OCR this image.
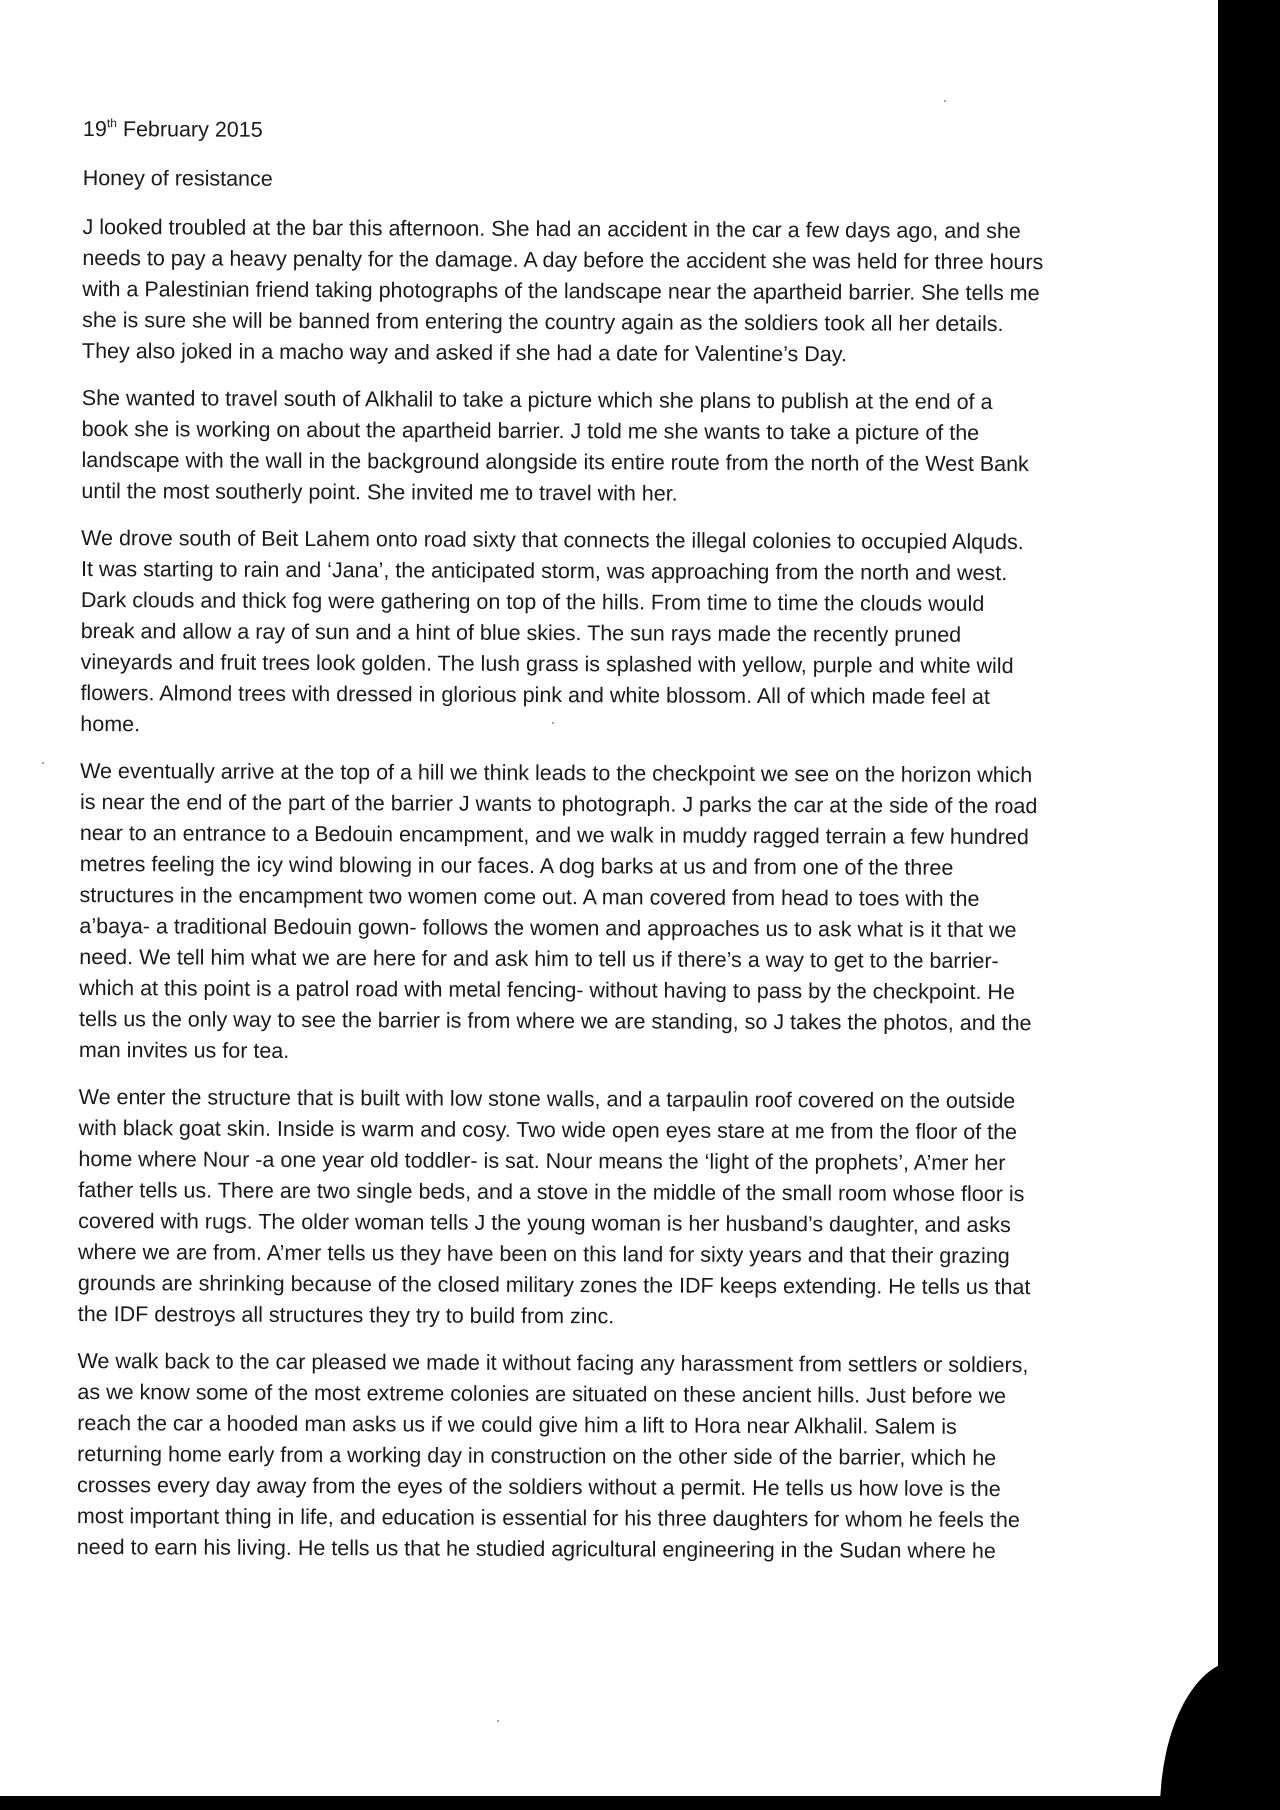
19th February 2015
Honey of resistance
J looked troubled at the bar this afternoon. She had an accident in the car a few days ago, and she
needs to pay a heavy penalty for the damage. A day before the accident she was held for three hours
with a Palestinian friend taking photographs of the landscape near the apartheid barrier. She tells me
she is sure she will be banned from entering the country again as the soldiers took all her details.
They also joked in a macho way and asked if she had a date for Valentine’s Day.
She wanted to travel south of Alkhalil to take a picture which she plans to publish at the end of a
book she is working on about the apartheid barrier. J told me she wants to take a picture of the
landscape with the wall in the background alongside its entire route from the north of the West Bank
until the most southerly point. She invited me to travel with her.
We drove south of Beit Lahem onto road sixty that connects the illegal colonies to occupied Alquds.
It was starting to rain and ‘Jana’, the anticipated storm, was approaching from the north and west.
Dark clouds and thick fog were gathering on top of the hills. From time to time the clouds would
break and allow a ray of sun and a hint of blue skies. The sun rays made the recently pruned
vineyards and fruit trees look golden. The lush grass is splashed with yellow, purple and white wild
flowers. Almond trees with dressed in glorious pink and white blossom. All of which made feel at
home.
We eventually arrive at the top of a hill we think leads to the checkpoint we see on the horizon which
is near the end of the part of the barrier J wants to photograph. J parks the car at the side of the road
near to an entrance to a Bedouin encampment, and we walk in muddy ragged terrain a few hundred
metres feeling the icy wind blowing in our faces. A dog barks at us and from one of the three
structures in the encampment two women come out. A man covered from head to toes with the
a’baya- a traditional Bedouin gown- follows the women and approaches us to ask what is it that we
need. We tell him what we are here for and ask him to tell us if there’s a way to get to the barrier-
which at this point is a patrol road with metal fencing- without having to pass by the checkpoint. He
tells us the only way to see the barrier is from where we are standing, so J takes the photos, and the
man invites us for tea.
We enter the structure that is built with low stone walls, and a tarpaulin roof covered on the outside
with black goat skin. Inside is warm and cosy. Two wide open eyes stare at me from the floor of the
home where Nour -a one year old toddler- is sat. Nour means the ‘light of the prophets’, A’mer her
father tells us. There are two single beds, and a stove in the middle of the small room whose floor is
covered with rugs. The older woman tells J the young woman is her husband’s daughter, and asks
where we are from. A’mer tells us they have been on this land for sixty years and that their grazing
grounds are shrinking because of the closed military zones the IDF keeps extending. He tells us that
the IDF destroys all structures they try to build from zinc.
We walk back to the car pleased we made it without facing any harassment from settlers or soldiers,
as we know some of the most extreme colonies are situated on these ancient hills. Just before we
reach the car a hooded man asks us if we could give him a lift to Hora near Alkhalil. Salem is
returning home early from a working day in construction on the other side of the barrier, which he
crosses every day away from the eyes of the soldiers without a permit. He tells us how love is the
most important thing in life, and education is essential for his three daughters for whom he feels the
need to earn his living. He tells us that he studied agricultural engineering in the Sudan where he
